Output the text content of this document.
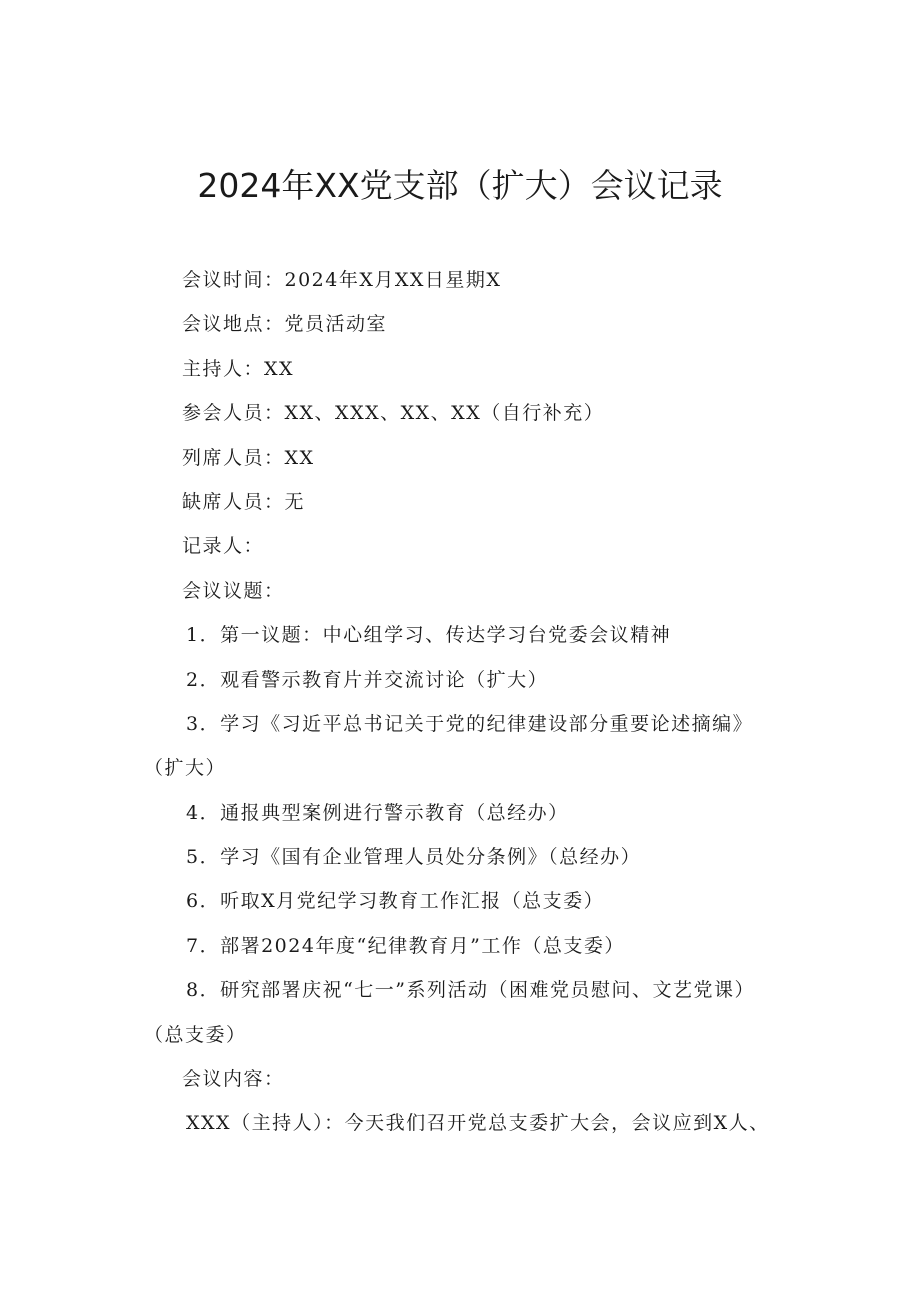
2024年XX党支部（扩大）会议记录
会议时间：2024年X月XX日星期X
会议地点：党员活动室
主持人：XX
参会人员：XX、XXX、XX、XX（自行补充）
列席人员：XX
缺席人员：无
记录人：
会议议题：
1．第一议题：中心组学习、传达学习台党委会议精神
2．观看警示教育片并交流讨论（扩大）
3．学习《习近平总书记关于党的纪律建设部分重要论述摘编》
（扩大）
4．通报典型案例进行警示教育（总经办）
5．学习《国有企业管理人员处分条例》（总经办）
6．听取X月党纪学习教育工作汇报（总支委）
7．部署2024年度“纪律教育月”工作（总支委）
8．研究部署庆祝“七一”系列活动（困难党员慰问、文艺党课）
（总支委）
会议内容：
XXX（主持人）：今天我们召开党总支委扩大会，会议应到X人、
